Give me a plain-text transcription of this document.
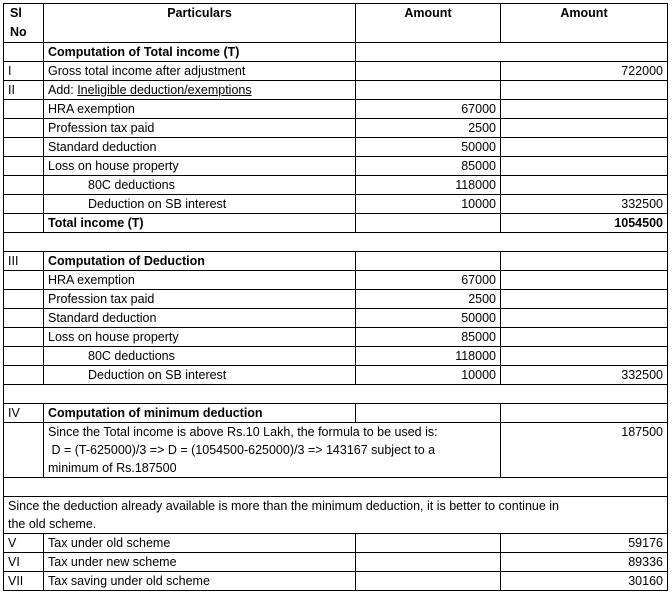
Sl
No	Particulars	Amount	Amount
	Computation of Total income (T)		
I	Gross total income after adjustment		722000
II	Add: Ineligible deduction/exemptions		
	HRA exemption	67000	
	Profession tax paid	2500	
	Standard deduction	50000	
	Loss on house property	85000	
	80C deductions	118000	
	Deduction on SB interest	10000	332500
	Total income (T)		1054500

III	Computation of Deduction		
	HRA exemption	67000	
	Profession tax paid	2500	
	Standard deduction	50000	
	Loss on house property	85000	
	80C deductions	118000	
	Deduction on SB interest	10000	332500

IV	Computation of minimum deduction		

	Since the Total income is above Rs.10 Lakh, the formula to be used is:
D = (T-625000)/3 => D = (1054500-625000)/3 => 143167 subject to a
minimum of Rs.187500		187500

Since the deduction already available is more than the minimum deduction, it is better to continue in
the old scheme.			

V	Tax under old scheme		59176
VI	Tax under new scheme		89336
VII	Tax saving under old scheme		30160
